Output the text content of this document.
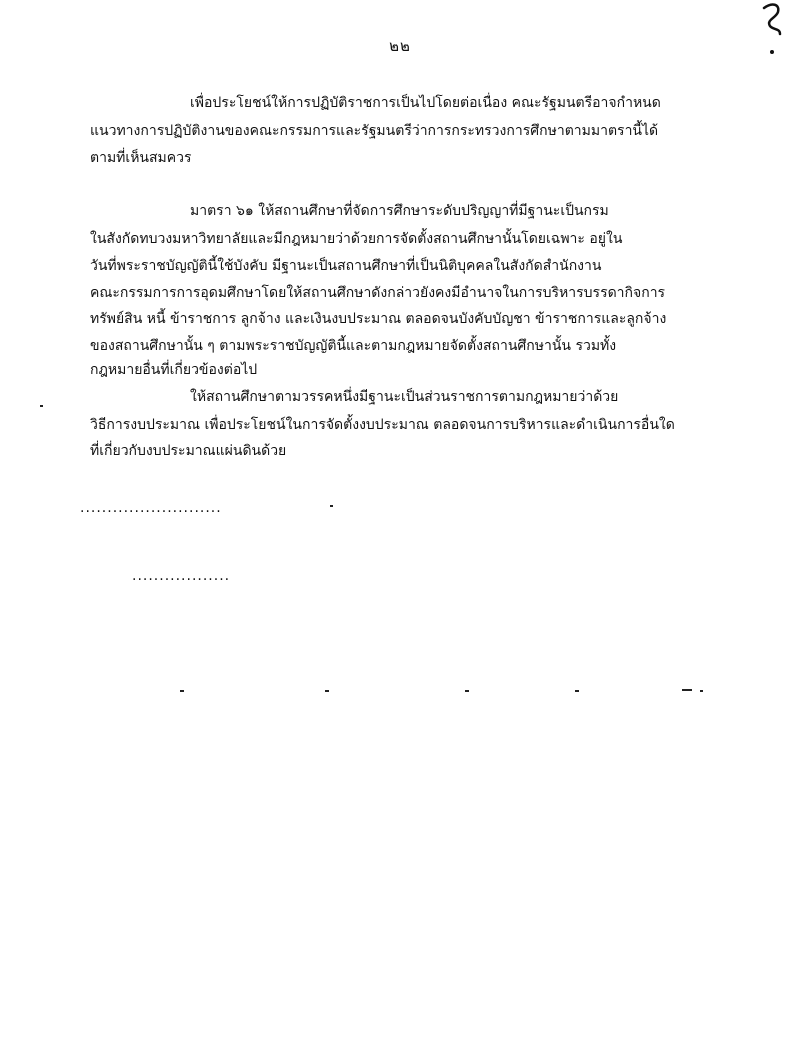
๒๒
เพื่อประโยชน์ให้การปฏิบัติราชการเป็นไปโดยต่อเนื่อง คณะรัฐมนตรีอาจกำหนด
แนวทางการปฏิบัติงานของคณะกรรมการและรัฐมนตรีว่าการกระทรวงการศึกษาตามมาตรานี้ได้
ตามที่เห็นสมควร
มาตรา ๖๑ ให้สถานศึกษาที่จัดการศึกษาระดับปริญญาที่มีฐานะเป็นกรม
ในสังกัดทบวงมหาวิทยาลัยและมีกฎหมายว่าด้วยการจัดตั้งสถานศึกษานั้นโดยเฉพาะ อยู่ใน
วันที่พระราชบัญญัตินี้ใช้บังคับ มีฐานะเป็นสถานศึกษาที่เป็นนิติบุคคลในสังกัดสำนักงาน
คณะกรรมการการอุดมศึกษาโดยให้สถานศึกษาดังกล่าวยังคงมีอำนาจในการบริหารบรรดากิจการ
ทรัพย์สิน หนี้ ข้าราชการ ลูกจ้าง และเงินงบประมาณ ตลอดจนบังคับบัญชา ข้าราชการและลูกจ้าง
ของสถานศึกษานั้น ๆ ตามพระราชบัญญัตินี้และตามกฎหมายจัดตั้งสถานศึกษานั้น รวมทั้ง
กฎหมายอื่นที่เกี่ยวข้องต่อไป
ให้สถานศึกษาตามวรรคหนึ่งมีฐานะเป็นส่วนราชการตามกฎหมายว่าด้วย
วิธีการงบประมาณ เพื่อประโยชน์ในการจัดตั้งงบประมาณ ตลอดจนการบริหารและดำเนินการอื่นใด
ที่เกี่ยวกับงบประมาณแผ่นดินด้วย
..........................
..................
